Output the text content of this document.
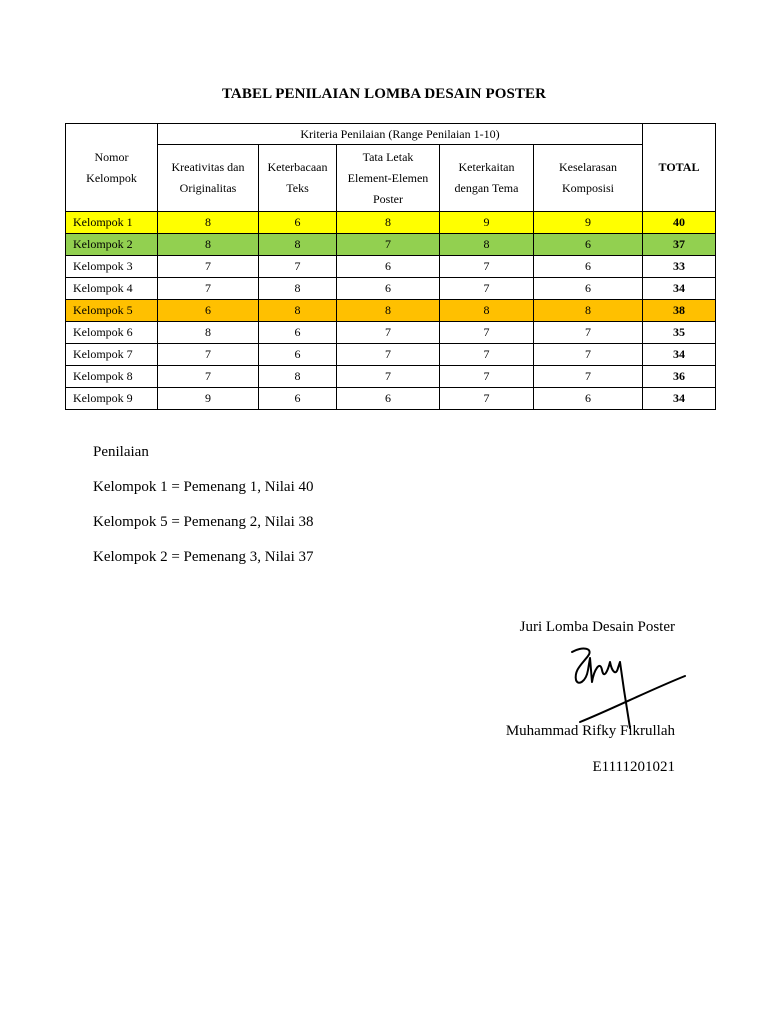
TABEL PENILAIAN LOMBA DESAIN POSTER
Nomor Kelompok	Kriteria Penilaian (Range Penilaian 1-10)					TOTAL
	Kreativitas dan Originalitas	Keterbacaan Teks	Tata Letak Element-Elemen Poster	Keterkaitan dengan Tema	Keselarasan Komposisi	
Kelompok 1	8	6	8	9	9	40
Kelompok 2	8	8	7	8	6	37
Kelompok 3	7	7	6	7	6	33
Kelompok 4	7	8	6	7	6	34
Kelompok 5	6	8	8	8	8	38
Kelompok 6	8	6	7	7	7	35
Kelompok 7	7	6	7	7	7	34
Kelompok 8	7	8	7	7	7	36
Kelompok 9	9	6	6	7	6	34
Penilaian
Kelompok 1 = Pemenang 1, Nilai 40
Kelompok 5 = Pemenang 2, Nilai 38
Kelompok 2 = Pemenang 3, Nilai 37
Juri Lomba Desain Poster
Muhammad Rifky Fikrullah
E1111201021
